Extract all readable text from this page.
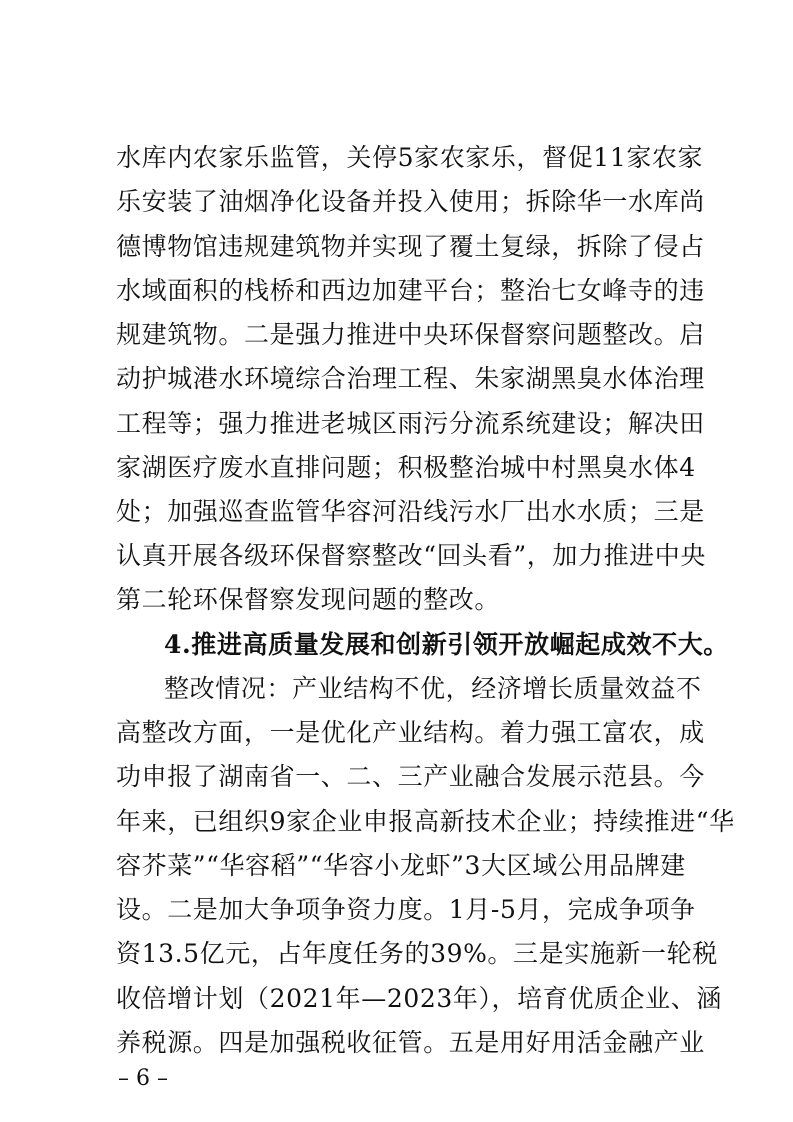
水库内农家乐监管，关停5家农家乐，督促11家农家
乐安装了油烟净化设备并投入使用；拆除华一水库尚
德博物馆违规建筑物并实现了覆土复绿，拆除了侵占
水域面积的栈桥和西边加建平台；整治七女峰寺的违
规建筑物。二是强力推进中央环保督察问题整改。启
动护城港水环境综合治理工程、朱家湖黑臭水体治理
工程等；强力推进老城区雨污分流系统建设；解决田
家湖医疗废水直排问题；积极整治城中村黑臭水体4
处；加强巡查监管华容河沿线污水厂出水水质；三是
认真开展各级环保督察整改“回头看”，加力推进中央
第二轮环保督察发现问题的整改。
4.推进高质量发展和创新引领开放崛起成效不大。
整改情况：产业结构不优，经济增长质量效益不
高整改方面，一是优化产业结构。着力强工富农，成
功申报了湖南省一、二、三产业融合发展示范县。今
年来，已组织9家企业申报高新技术企业；持续推进“华
容芥菜”“华容稻”“华容小龙虾”3大区域公用品牌建
设。二是加大争项争资力度。1月-5月，完成争项争
资13.5亿元，占年度任务的39%。三是实施新一轮税
收倍增计划（2021年—2023年），培育优质企业、涵
养税源。四是加强税收征管。五是用好用活金融产业
– 6 –
